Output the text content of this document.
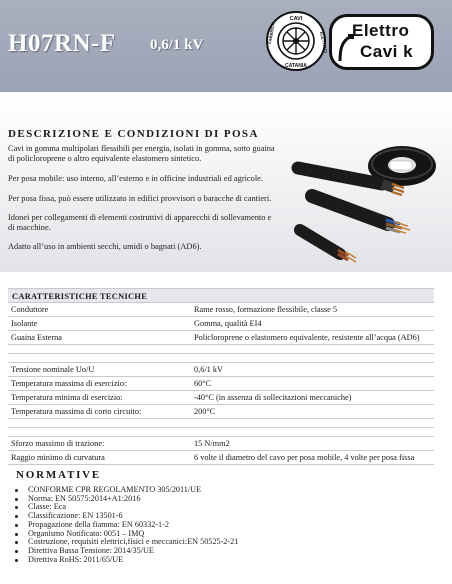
H07RN-F 0,6/1 kV
CAVI
CATANIA
FABBRICA	ELETTRICI
Elettro
Cavi k
DESCRIZIONE E CONDIZIONI DI POSA

Cavi in gomma multipolari flessibili per energia, isolati in gomma, sotto guaina di policloroprene o altro equivalente elastomero sintetico.

Per posa mobile: uso interno, all’esterno e in officine industriali ed agricole.

Per posa fissa, può essere utilizzato in edifici provvisori o baracche di cantieri.

Idonei per collegamenti di elementi costruttivi di apparecchi di sollevamento e di macchine.

Adatto all’uso in ambienti secchi, umidi o bagnati (AD6).

CARATTERISTICHE TECNICHE
Conduttore	Rame rosso, formazione flessibile, classe 5
Isolante	Gomma, qualità EI4
Guaina Esterna	Policloroprene o elastomero equivalente, resistente all’acqua (AD6)
Tensione nominale Uo/U	0,6/1 kV
Temperatura massima di esercizio:	60°C
Temperatura minima di esercizio:	-40°C (in assenza di sollecitazioni meccaniche)
Temperatura massima di corto circuito:	200°C
Sforzo massimo di trazione:	15 N/mm2
Raggio minimo di curvatura	6 volte il diametro del cavo per posa mobile, 4 volte per posa fissa
NORMATIVE
CONFORME CPR REGOLAMENTO 305/2011/UE
Norma: EN 50575:2014+A1:2016
Classe: Eca
Classificazione: EN 13501-6
Propagazione della fiamma: EN 60332-1-2
Organismo Notificato: 0051 – IMQ
Costruzione, requisiti elettrici,fisici e meccanici:EN 50525-2-21
Direttiva Bassa Tensione: 2014/35/UE
Direttiva RoHS: 2011/65/UE
